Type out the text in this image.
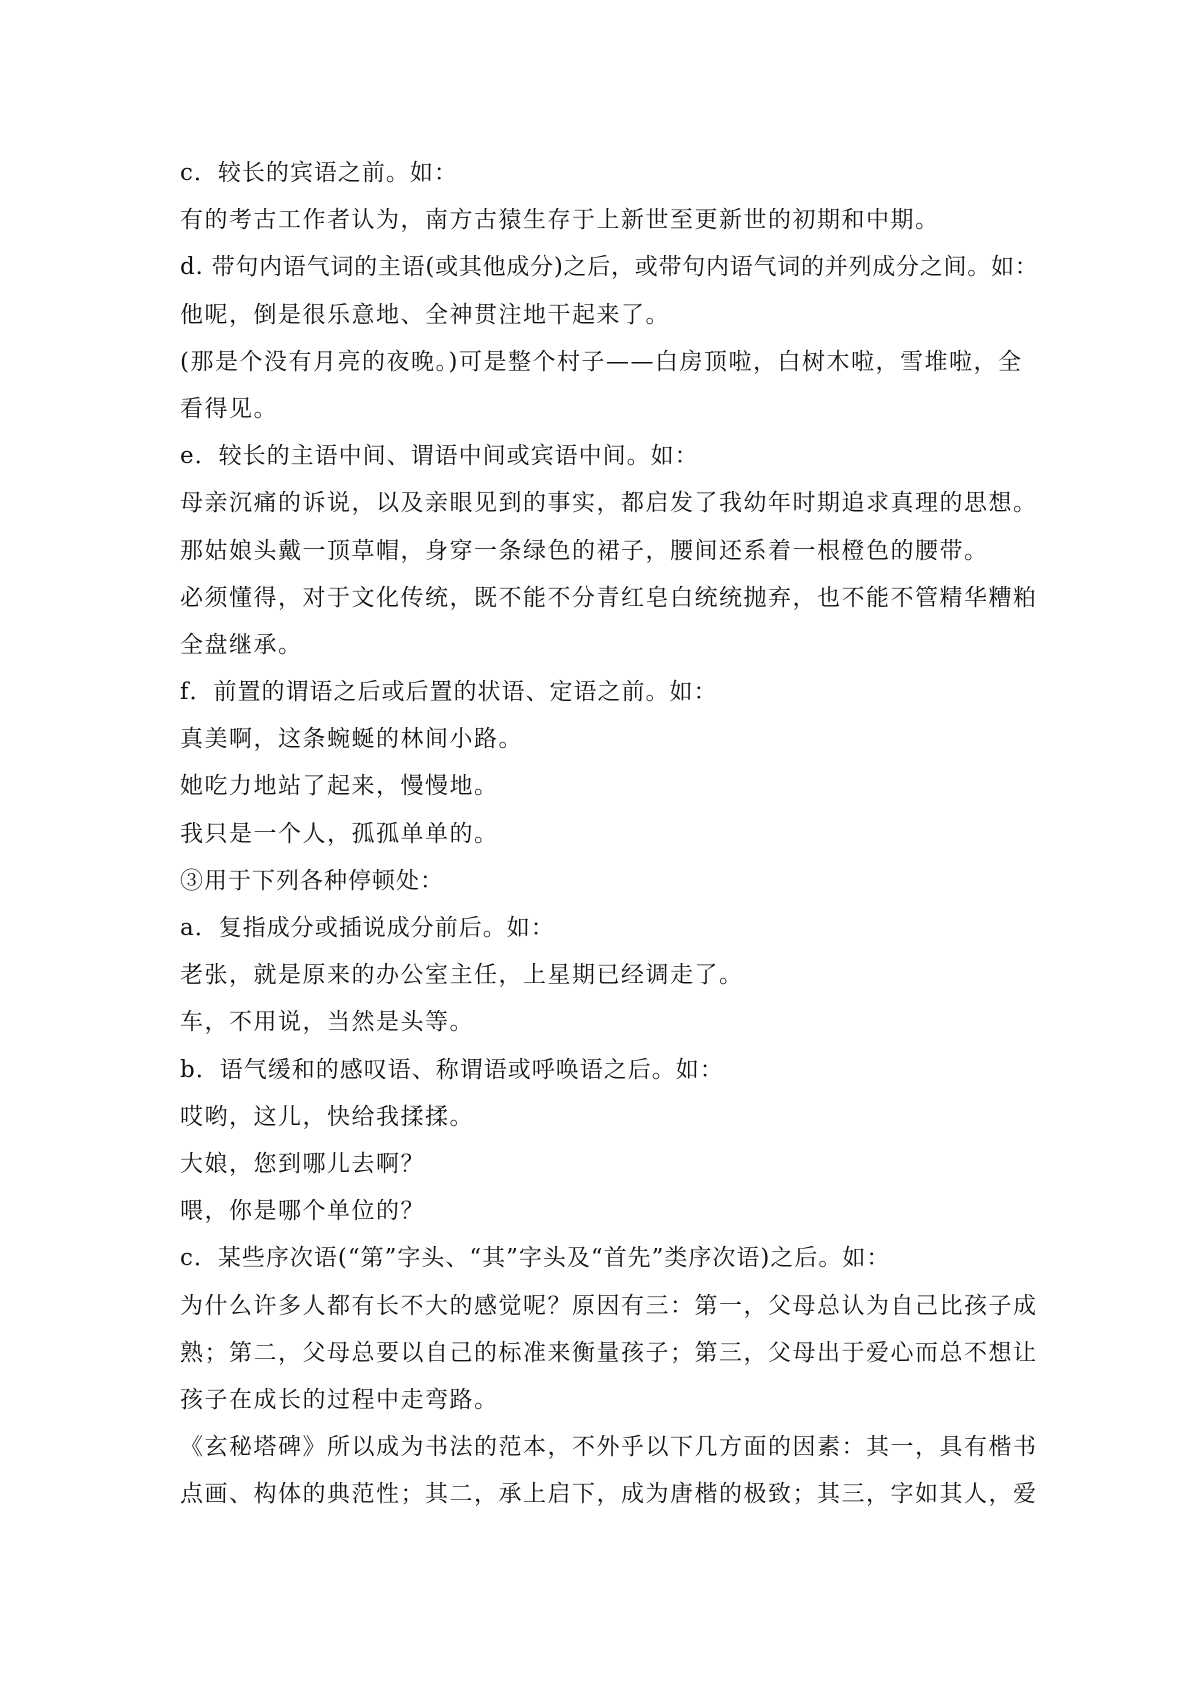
c．较长的宾语之前。如：
有的考古工作者认为，南方古猿生存于上新世至更新世的初期和中期。
d. 带句内语气词的主语(或其他成分)之后，或带句内语气词的并列成分之间。如：
他呢，倒是很乐意地、全神贯注地干起来了。
(那是个没有月亮的夜晚。)可是整个村子——白房顶啦，白树木啦，雪堆啦，全
看得见。
e．较长的主语中间、谓语中间或宾语中间。如：
母亲沉痛的诉说，以及亲眼见到的事实，都启发了我幼年时期追求真理的思想。
那姑娘头戴一顶草帽，身穿一条绿色的裙子，腰间还系着一根橙色的腰带。
必须懂得，对于文化传统，既不能不分青红皂白统统抛弃，也不能不管精华糟粕
全盘继承。
f．前置的谓语之后或后置的状语、定语之前。如：
真美啊，这条蜿蜒的林间小路。
她吃力地站了起来，慢慢地。
我只是一个人，孤孤单单的。
③用于下列各种停顿处：
a．复指成分或插说成分前后。如：
老张，就是原来的办公室主任，上星期已经调走了。
车，不用说，当然是头等。
b．语气缓和的感叹语、称谓语或呼唤语之后。如：
哎哟，这儿，快给我揉揉。
大娘，您到哪儿去啊？
喂，你是哪个单位的？
c．某些序次语(“第”字头、“其”字头及“首先”类序次语)之后。如：
为什么许多人都有长不大的感觉呢？原因有三：第一，父母总认为自己比孩子成
熟；第二，父母总要以自己的标准来衡量孩子；第三，父母出于爱心而总不想让
孩子在成长的过程中走弯路。
《玄秘塔碑》所以成为书法的范本，不外乎以下几方面的因素：其一，具有楷书
点画、构体的典范性；其二，承上启下，成为唐楷的极致；其三，字如其人，爱
